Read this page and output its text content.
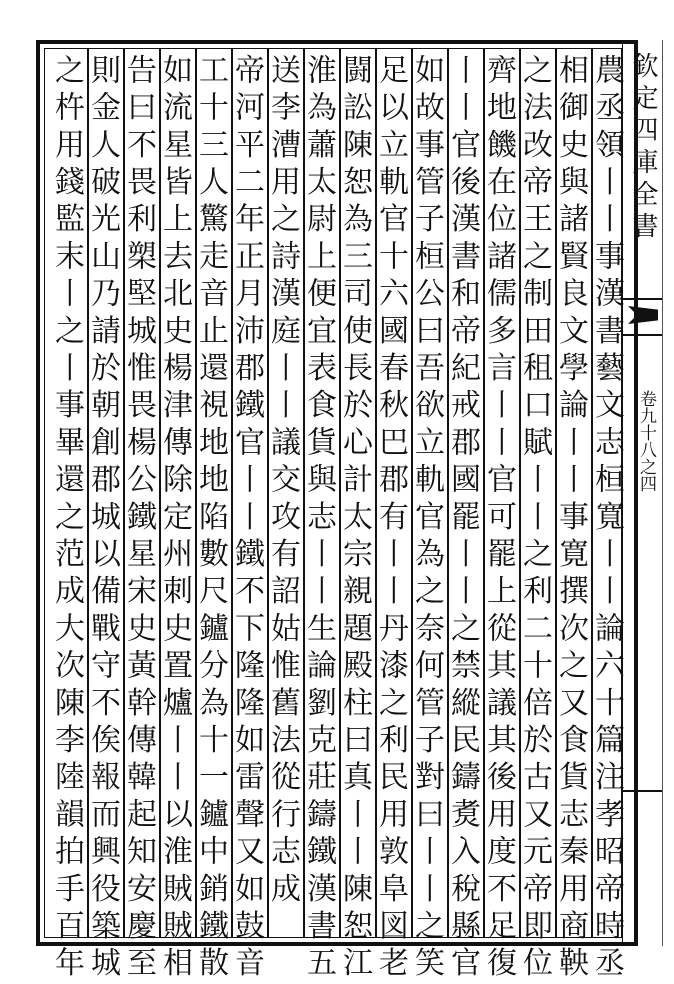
欽定四庫全書
卷九十八之四
農丞領丨丨事漢書藝文志桓寬丨丨論六十篇注孝昭帝時丞
相御史與諸賢良文學論丨丨事寛撰次之又食貨志秦用商鞅
之法改帝王之制田租口賦丨丨之利二十倍於古又元帝即位
齊地饑在位諸儒多言丨丨官可罷上從其議其後用度不足復
丨丨官後漢書和帝紀戒郡國罷丨丨之禁縱民鑄煑入稅縣官
如故事管子桓公曰吾欲立軌官為之奈何管子對曰丨丨之笑
足以立軌官十六國春秋巴郡有丨丨丹漆之利民用敦阜図老
闘訟陳恕為三司使長於心計太宗親題殿柱曰真丨丨陳恕江
淮為蕭太尉上便宜表食貨與志丨丨生論劉克莊鑄鐵漢書五
送李漕用之詩漢庭丨丨議交攻有詔姑惟舊法從行志成
帝河平二年正月沛郡鐵官丨丨鐵不下隆隆如雷聲又如鼓音
工十三人驚走音止還視地地陷數尺鑪分為十一鑪中銷鐵散
如流星皆上去北史楊津傳除定州刺史置爐丨丨以淮賊賊相
告曰不畏利槊堅城惟畏楊公鐵星宋史黃幹傳韓起知安慶至
則金人破光山乃請於朝創郡城以備戰守不俟報而興役築城
之杵用錢監末丨之丨事畢還之范成大次陳李陸韻拍手百年
